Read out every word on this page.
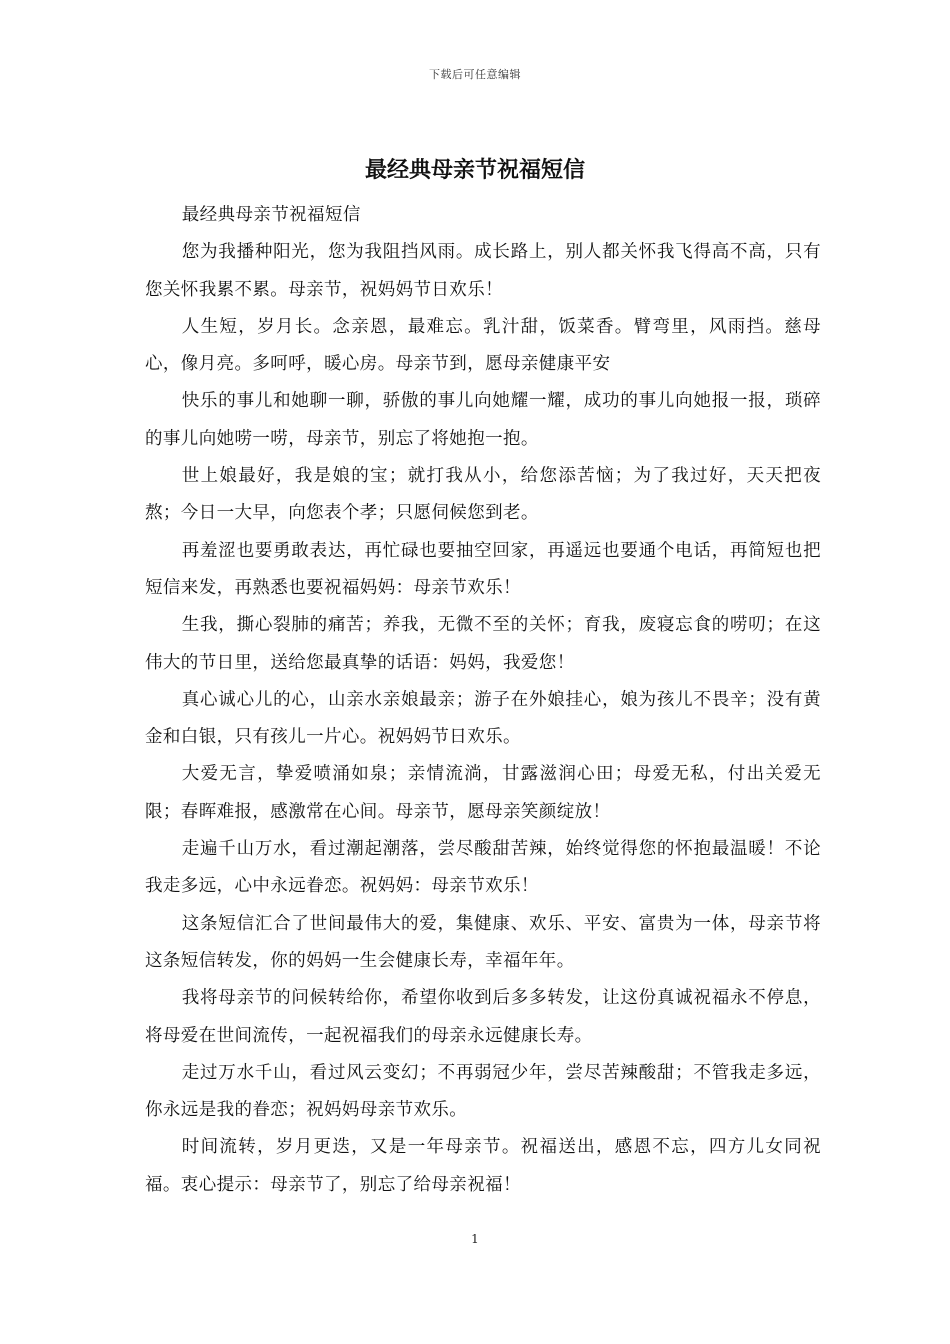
下载后可任意编辑
最经典母亲节祝福短信

最经典母亲节祝福短信

您为我播种阳光，您为我阻挡风雨。成长路上，别人都关怀我飞得高不高，只有您关怀我累不累。母亲节，祝妈妈节日欢乐！

人生短，岁月长。念亲恩，最难忘。乳汁甜，饭菜香。臂弯里，风雨挡。慈母心，像月亮。多呵呼，暖心房。母亲节到，愿母亲健康平安

快乐的事儿和她聊一聊，骄傲的事儿向她耀一耀，成功的事儿向她报一报，琐碎的事儿向她唠一唠，母亲节，别忘了将她抱一抱。

世上娘最好，我是娘的宝；就打我从小，给您添苦恼；为了我过好，天天把夜熬；今日一大早，向您表个孝；只愿伺候您到老。

再羞涩也要勇敢表达，再忙碌也要抽空回家，再遥远也要通个电话，再简短也把短信来发，再熟悉也要祝福妈妈：母亲节欢乐！

生我，撕心裂肺的痛苦；养我，无微不至的关怀；育我，废寝忘食的唠叨；在这伟大的节日里，送给您最真挚的话语：妈妈，我爱您！

真心诚心儿的心，山亲水亲娘最亲；游子在外娘挂心，娘为孩儿不畏辛；没有黄金和白银，只有孩儿一片心。祝妈妈节日欢乐。

大爱无言，挚爱喷涌如泉；亲情流淌，甘露滋润心田；母爱无私，付出关爱无限；春晖难报，感激常在心间。母亲节，愿母亲笑颜绽放！

走遍千山万水，看过潮起潮落，尝尽酸甜苦辣，始终觉得您的怀抱最温暖！不论我走多远，心中永远眷恋。祝妈妈：母亲节欢乐！

这条短信汇合了世间最伟大的爱，集健康、欢乐、平安、富贵为一体，母亲节将这条短信转发，你的妈妈一生会健康长寿，幸福年年。

我将母亲节的问候转给你，希望你收到后多多转发，让这份真诚祝福永不停息，将母爱在世间流传，一起祝福我们的母亲永远健康长寿。

走过万水千山，看过风云变幻；不再弱冠少年，尝尽苦辣酸甜；不管我走多远，你永远是我的眷恋；祝妈妈母亲节欢乐。

时间流转，岁月更迭，又是一年母亲节。祝福送出，感恩不忘，四方儿女同祝福。衷心提示：母亲节了，别忘了给母亲祝福！

1
